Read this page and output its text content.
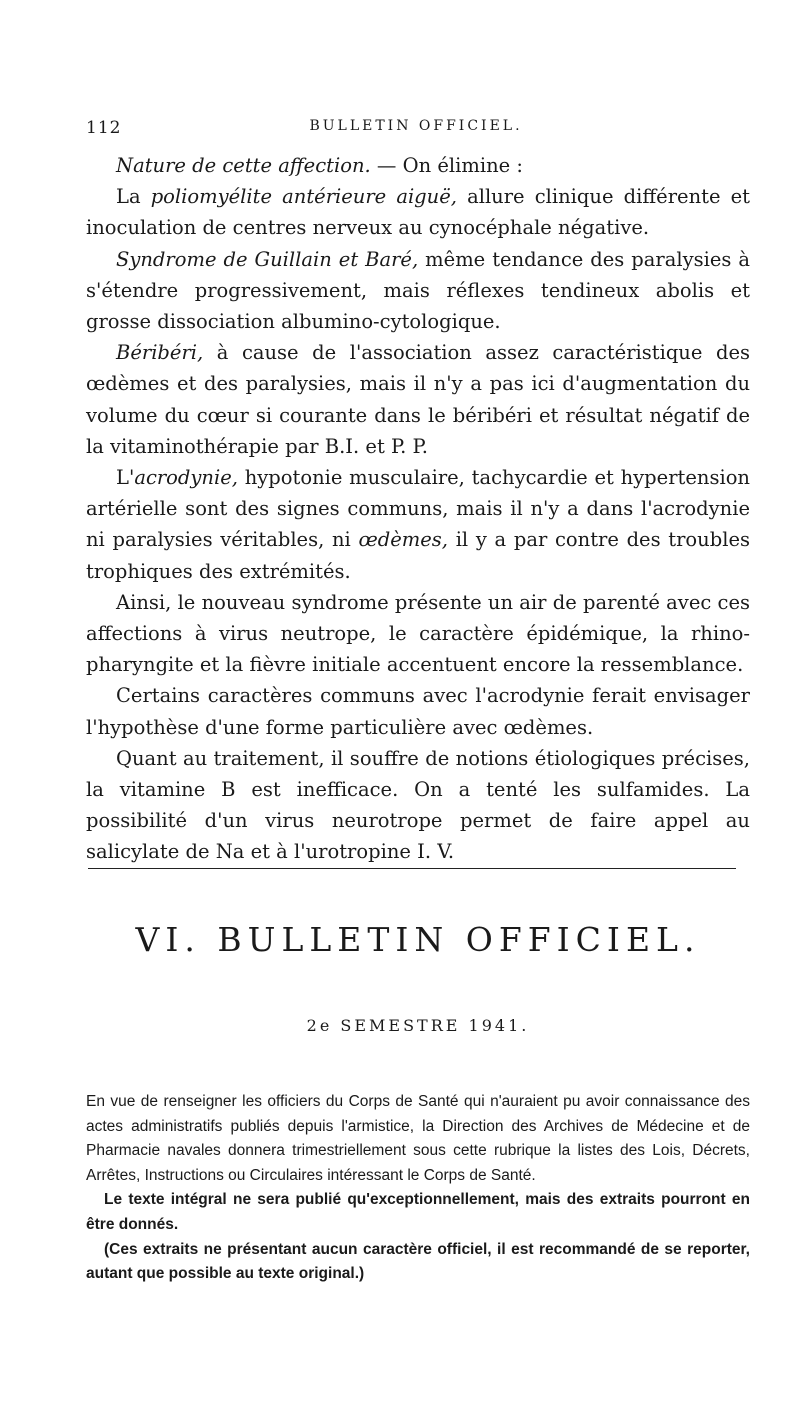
112	BULLETIN OFFICIEL.

Nature de cette affection. — On élimine :

La poliomyélite antérieure aiguë, allure clinique différente et inoculation de centres nerveux au cynocéphale négative.

Syndrome de Guillain et Baré, même tendance des paralysies à s'étendre progressivement, mais réflexes tendineux abolis et grosse dissociation albumino-cytologique.

Béribéri, à cause de l'association assez caractéristique des œdèmes et des paralysies, mais il n'y a pas ici d'augmentation du volume du cœur si courante dans le béribéri et résultat négatif de la vitaminothérapie par B.I. et P. P.

L'acrodynie, hypotonie musculaire, tachycardie et hypertension artérielle sont des signes communs, mais il n'y a dans l'acrodynie ni paralysies véritables, ni œdèmes, il y a par contre des troubles trophiques des extrémités.

Ainsi, le nouveau syndrome présente un air de parenté avec ces affections à virus neutrope, le caractère épidémique, la rhino-pharyngite et la fièvre initiale accentuent encore la ressemblance.

Certains caractères communs avec l'acrodynie ferait envisager l'hypothèse d'une forme particulière avec œdèmes.

Quant au traitement, il souffre de notions étiologiques précises, la vitamine B est inefficace. On a tenté les sulfamides. La possibilité d'un virus neurotrope permet de faire appel au salicylate de Na et à l'urotropine I. V.

VI. BULLETIN OFFICIEL.
2e SEMESTRE 1941.

En vue de renseigner les officiers du Corps de Santé qui n'auraient pu avoir connaissance des actes administratifs publiés depuis l'armistice, la Direction des Archives de Médecine et de Pharmacie navales donnera trimestriellement sous cette rubrique la listes des Lois, Décrets, Arrêtes, Instructions ou Circulaires intéressant le Corps de Santé.

Le texte intégral ne sera publié qu'exceptionnellement, mais des extraits pourront en être donnés.

(Ces extraits ne présentant aucun caractère officiel, il est recommandé de se reporter, autant que possible au texte original.)
